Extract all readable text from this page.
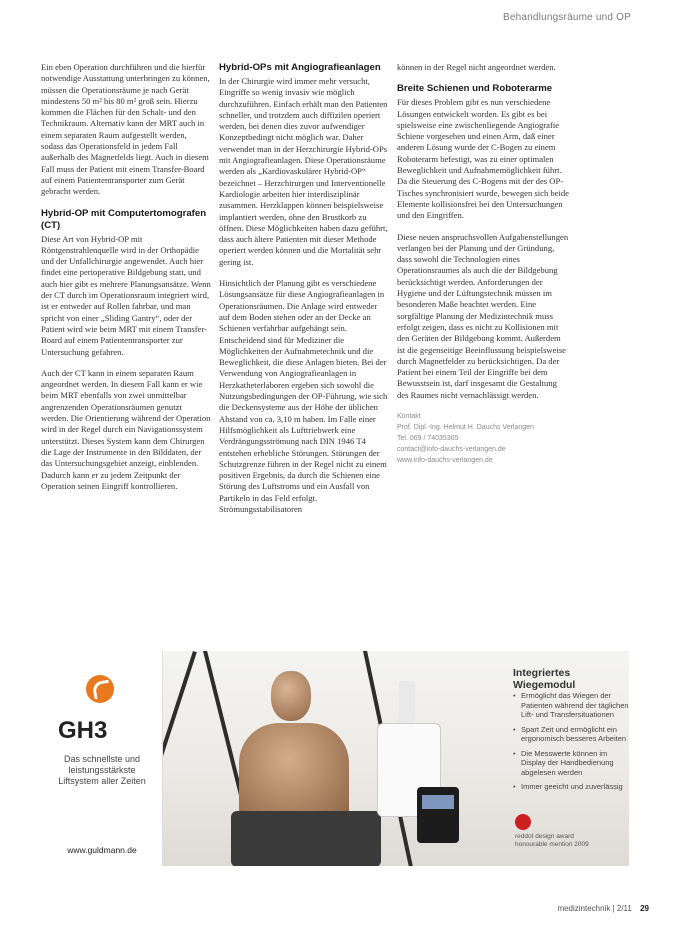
Behandlungsräume und OP

Ein eben Operation durchführen und die hierfür notwendige Ausstattung unterbringen zu können, müssen die Operationsräume je nach Gerät mindestens 50 m² bis 80 m² groß sein. Hierzu kommen die Flächen für den Schalt- und den Technikraum. Alternativ kann der MRT auch in einem separaten Raum aufgestellt werden, sodass das Operationsfeld in jedem Fall außerhalb des Magnetfelds liegt. Auch in diesem Fall muss der Patient mit einem Transfer-Board auf einem Patiententransporter zum Gerät gebracht werden.

Hybrid-OP mit Computertomografen (CT)

Diese Art von Hybrid-OP mit Röntgenstrahlenquelle wird in der Orthopädie und der Unfallchirurgie angewendet. Auch hier findet eine perioperative Bildgebung statt, und auch hier gibt es mehrere Planungsansätze. Wenn der CT durch im Operationsraum integriert wird, ist er entweder auf Rollen fahrbar, und man spricht von einer „Sliding Gantry“, oder der Patient wird wie beim MRT mit einem Transfer-Board auf einem Patiententransporter zur Untersuchung gefahren.

Auch der CT kann in einem separaten Raum angeordnet werden. In diesem Fall kann er wie beim MRT ebenfalls von zwei unmittelbar angrenzenden Operationsräumen genutzt werden. Die Orientierung während der Operation wird in der Regel durch ein Navigationssystem unterstützt. Dieses System kann dem Chirurgen die Lage der Instrumente in den Bilddaten, der das Untersuchungsgebiet anzeigt, einblenden. Dadurch kann er zu jedem Zeitpunkt der Operation seinen Eingriff kontrollieren.

Hybrid-OPs mit Angiografieanlagen

In der Chirurgie wird immer mehr versucht, Eingriffe so wenig invasiv wie möglich durchzuführen. Einfach erhält man den Patienten schneller, und trotzdem auch diffizilen operiert werden, bei denen dies zuvor aufwendiger Konzeptbedingt nicht möglich war. Daher verwendet man in der Herzchirurgie Hybrid-OPs mit Angiografieanlagen. Diese Operationsräume werden als „Kardiovaskulärer Hybrid-OP“ bezeichnet – Herzchirurgen und Interventionelle Kardiologie arbeiten hier interdisziplinär zusammen. Herzklappen können beispielsweise implantiert werden, ohne den Brustkorb zu öffnen. Diese Möglichkeiten haben dazu geführt, dass auch ältere Patienten mit dieser Methode operiert werden können und die Mortalität sehr gering ist.

Hinsichtlich der Planung gibt es verschiedene Lösungsansätze für diese Angiografieanlagen in Operationsräumen. Die Anlage wird entweder auf dem Boden stehen oder an der Decke an Schienen verfahrbar aufgehängt sein. Entscheidend sind für Mediziner die Möglichkeiten der Aufnahmetechnik und die Beweglichkeit, die diese Anlagen bieten. Bei der Verwendung von Angiografieanlagen in Herzkatheterlaboren ergeben sich sowohl die Nutzungsbedingungen der OP-Führung, wie sich die Deckensysteme aus der Höhe der üblichen Abstand von ca. 3,10 m haben. Im Falle einer Hilfsmöglichkeit als Lufttriebwerk eine Verdrängungsströmung nach DIN 1946 T4 entstehen erhebliche Störungen. Störungen der Schutzgrenze führen in der Regel nicht zu einem positiven Ergebnis, da durch die Schienen eine Störung des Luftstroms und ein Ausfall von Partikeln in das Feld erfolgt. Strömungsstabilisatoren

können in der Regel nicht angeordnet werden.

Breite Schienen und Roboterarme

Für dieses Problem gibt es nun verschiedene Lösungen entwickelt worden. Es gibt es bei spielsweise eine zwischenliegende Angiografie Schiene vorgesehen und einen Arm, daß einer anderen Lösung wurde der C-Bogen zu einem Roboterarm befestigt, was zu einer optimalen Beweglichkeit und Aufnahmemöglichkeit führt. Da die Steuerung des C-Bogens mit der des OP-Tisches synchronisiert wurde, bewegen sich beide Elemente kollisionsfrei bei den Untersuchungen und den Eingriffen.

Diese neuen anspruchsvollen Aufgabenstellungen verlangen bei der Planung und der Gründung, dass sowohl die Technologien eines Operationsraumes als auch die der Bildgebung berücksichtigt werden. Anforderungen der Hygiene und der Lüftungstechnik müssen im besonderen Maße beachtet werden. Eine sorgfältige Planung der Medizintechnik muss erfolgt zeigen, dass es nicht zu Kollisionen mit den Geräten der Bildgebung kommt. Außerdem ist die gegenseitige Beeinflussung beispielsweise durch Magnetfelder zu berücksichtigen. Da der Patient bei einem Teil der Eingriffe bei dem Bewusstsein ist, darf insgesamt die Gestaltung des Raumes nicht vernachlässigt werden.

Kontakt
Prof. Dipl.-Ing. Helmut H. Dauchs Verlangen
Tel. 069 / 74035365
contact@info-dauchs-verlangen.de
www.info-dauchs-verlangen.de
GH3
Das schnellste und leistungsstärkste Liftsystem aller Zeiten
www.guldmann.de
Integriertes Wiegemodul
• Ermöglicht das Wiegen der Patienten während der täglichen Lift- und Transfersituationen
• Spart Zeit und ermöglicht ein ergonomisch besseres Arbeiten
• Die Messwerte können im Display der Handbedienung abgelesen werden
• Immer geeicht und zuverlässig
reddot design award
honourable mention 2009
medizintechnik | 2/11 29
